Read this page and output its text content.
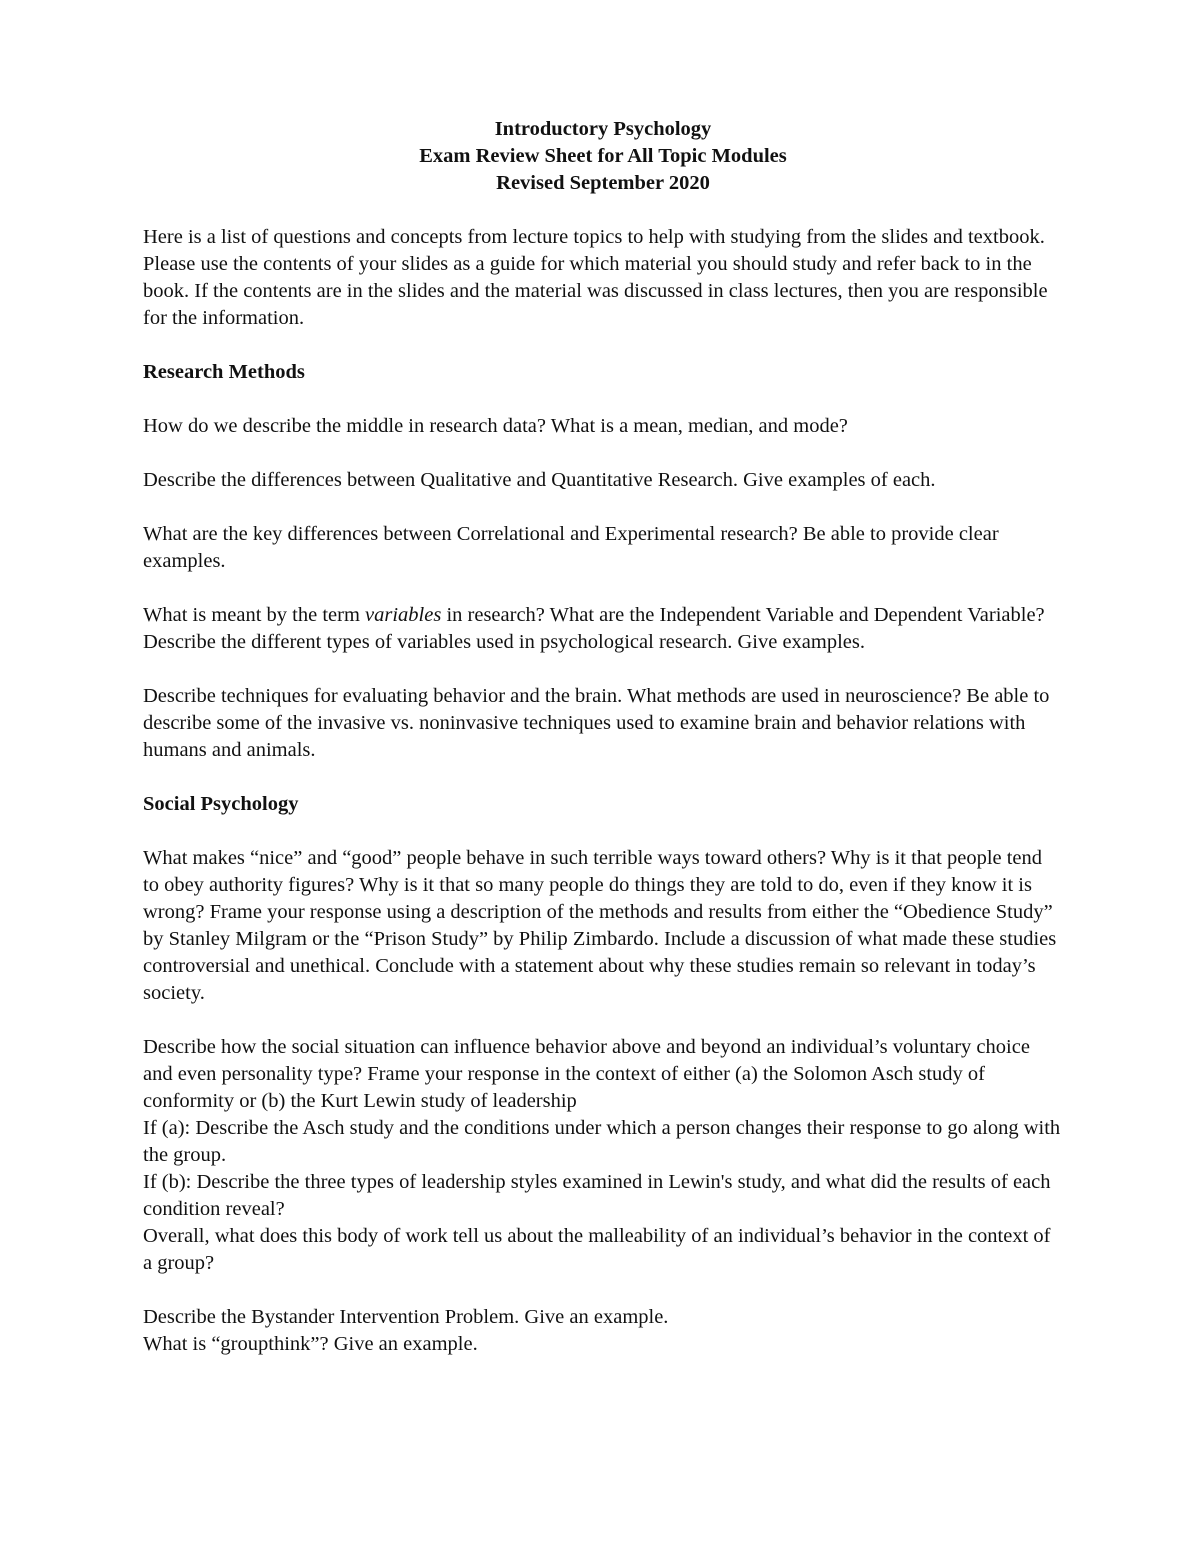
Introductory Psychology
Exam Review Sheet for All Topic Modules
Revised September 2020

Here is a list of questions and concepts from lecture topics to help with studying from the slides and textbook. Please use the contents of your slides as a guide for which material you should study and refer back to in the book. If the contents are in the slides and the material was discussed in class lectures, then you are responsible for the information.

Research Methods

How do we describe the middle in research data? What is a mean, median, and mode?

Describe the differences between Qualitative and Quantitative Research. Give examples of each.

What are the key differences between Correlational and Experimental research? Be able to provide clear examples.

What is meant by the term variables in research? What are the Independent Variable and Dependent Variable? Describe the different types of variables used in psychological research. Give examples.

Describe techniques for evaluating behavior and the brain. What methods are used in neuroscience? Be able to describe some of the invasive vs. noninvasive techniques used to examine brain and behavior relations with humans and animals.

Social Psychology

What makes “nice” and “good” people behave in such terrible ways toward others? Why is it that people tend to obey authority figures? Why is it that so many people do things they are told to do, even if they know it is wrong? Frame your response using a description of the methods and results from either the “Obedience Study” by Stanley Milgram or the “Prison Study” by Philip Zimbardo. Include a discussion of what made these studies controversial and unethical. Conclude with a statement about why these studies remain so relevant in today’s society.

Describe how the social situation can influence behavior above and beyond an individual’s voluntary choice and even personality type? Frame your response in the context of either (a) the Solomon Asch study of conformity or (b) the Kurt Lewin study of leadership
If (a): Describe the Asch study and the conditions under which a person changes their response to go along with the group.
If (b): Describe the three types of leadership styles examined in Lewin's study, and what did the results of each condition reveal?
Overall, what does this body of work tell us about the malleability of an individual’s behavior in the context of a group?
Describe the Bystander Intervention Problem. Give an example.
What is “groupthink”? Give an example.
